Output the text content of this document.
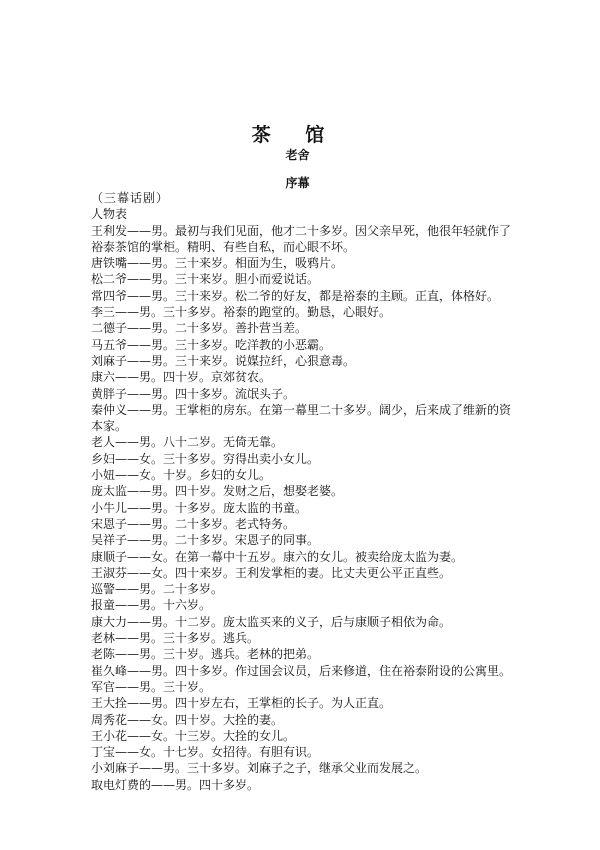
茶 馆
老舍
序幕
（三幕话剧）
人物表
王利发——男。最初与我们见面，他才二十多岁。因父亲早死，他很年轻就作了
裕泰茶馆的掌柜。精明、有些自私，而心眼不坏。
唐铁嘴——男。三十来岁。相面为生，吸鸦片。
松二爷——男。三十来岁。胆小而爱说话。
常四爷——男。三十来岁。松二爷的好友，都是裕泰的主顾。正直，体格好。
李三——男。三十多岁。裕泰的跑堂的。勤恳，心眼好。
二德子——男。二十多岁。善扑营当差。
马五爷——男。三十多岁。吃洋教的小恶霸。
刘麻子——男。三十来岁。说媒拉纤，心狠意毒。
康六——男。四十岁。京郊贫农。
黄胖子——男。四十多岁。流氓头子。
秦仲义——男。王掌柜的房东。在第一幕里二十多岁。阔少，后来成了维新的资
本家。
老人——男。八十二岁。无倚无靠。
乡妇——女。三十多岁。穷得出卖小女儿。
小妞——女。十岁。乡妇的女儿。
庞太监——男。四十岁。发财之后，想娶老婆。
小牛儿——男。十多岁。庞太监的书童。
宋恩子——男。二十多岁。老式特务。
吴祥子——男。二十多岁。宋恩子的同事。
康顺子——女。在第一幕中十五岁。康六的女儿。被卖给庞太监为妻。
王淑芬——女。四十来岁。王利发掌柜的妻。比丈夫更公平正直些。
巡警——男。二十多岁。
报童——男。十六岁。
康大力——男。十二岁。庞太监买来的义子，后与康顺子相依为命。
老林——男。三十多岁。逃兵。
老陈——男。三十岁。逃兵。老林的把弟。
崔久峰——男。四十多岁。作过国会议员，后来修道，住在裕泰附设的公寓里。
军官——男。三十岁。
王大拴——男。四十岁左右，王掌柜的长子。为人正直。
周秀花——女。四十岁。大拴的妻。
王小花——女。十三岁。大拴的女儿。
丁宝——女。十七岁。女招待。有胆有识。
小刘麻子——男。三十多岁。刘麻子之子，继承父业而发展之。
取电灯费的——男。四十多岁。
